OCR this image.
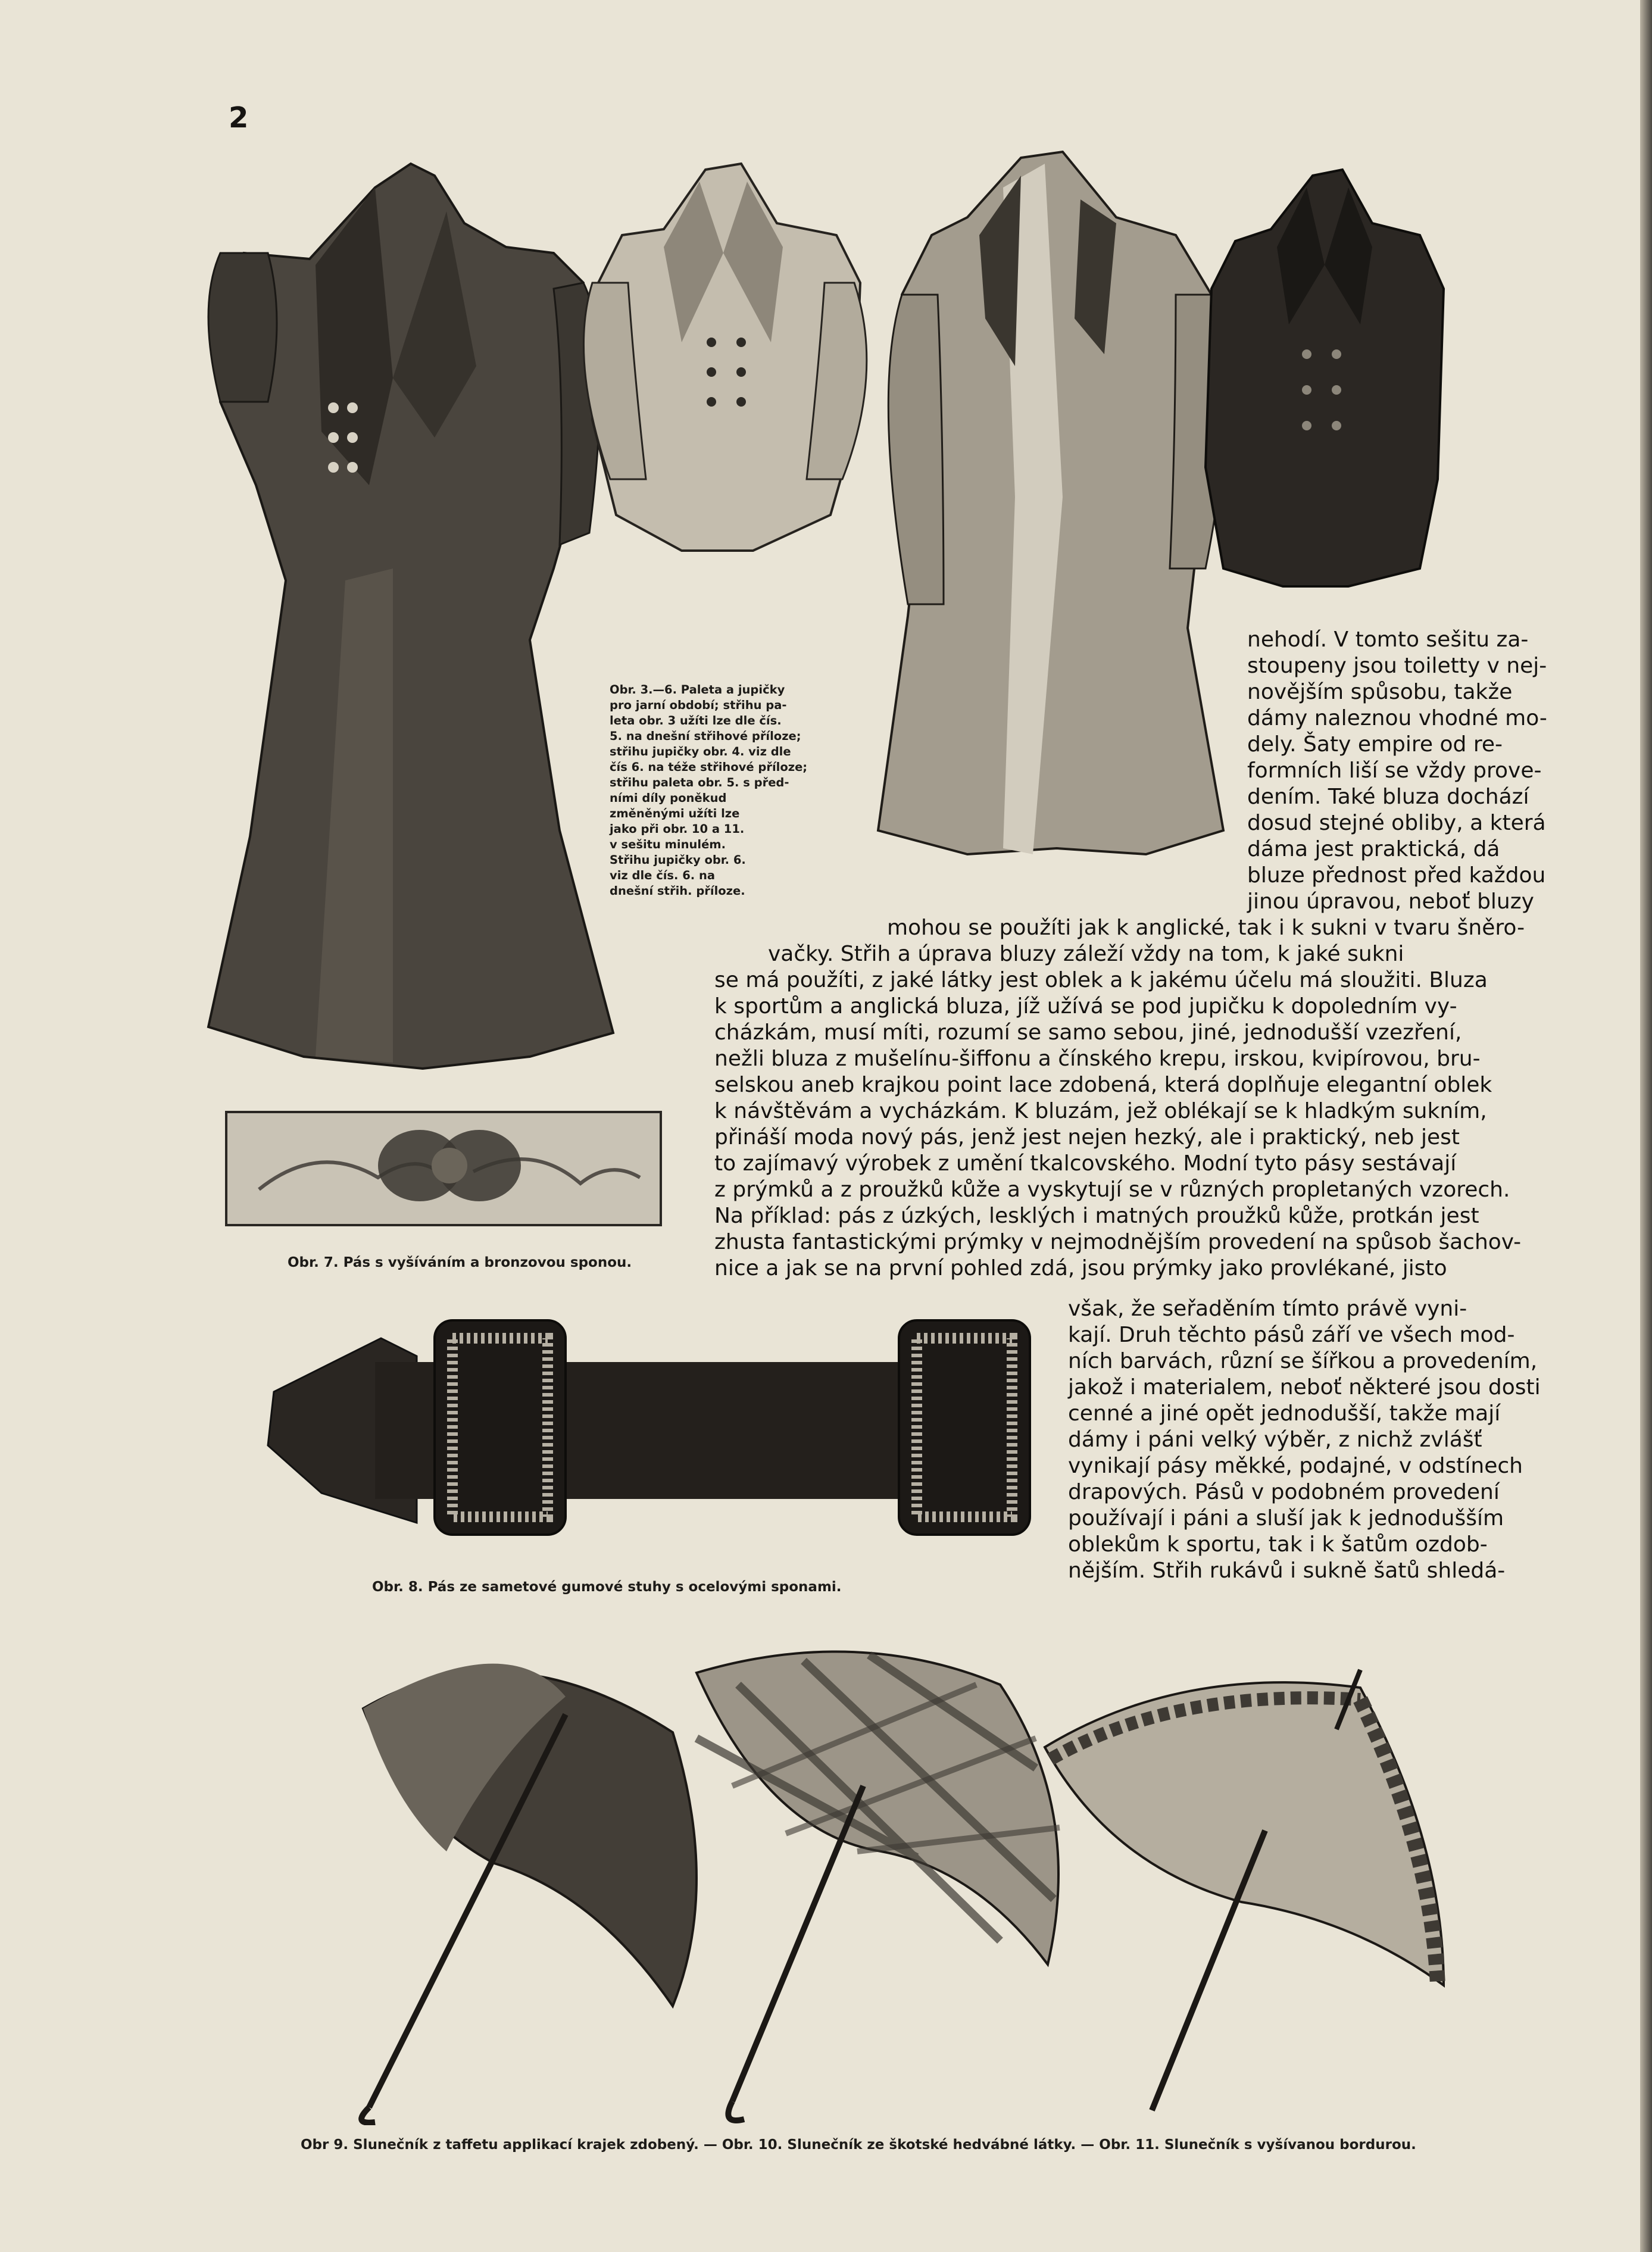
2
Obr. 3.—6. Paleta a jupičky
pro jarní období; střihu pa-
leta obr. 3 užíti lze dle čís.
5. na dnešní střihové příloze;
střihu jupičky obr. 4. viz dle
čís 6. na téže střihové příloze;
střihu paleta obr. 5. s před-
ními díly poněkud
změněnými užíti lze
jako při obr. 10 a 11.
v sešitu minulém.
Střihu jupičky obr. 6.
viz dle čís. 6. na
dnešní střih. příloze.
nehodí. V tomto sešitu za-
stoupeny jsou toiletty v nej-
novějším spůsobu, takže
dámy naleznou vhodné mo-
dely. Šaty empire od re-
formních liší se vždy prove-
dením. Také bluza dochází
dosud stejné obliby, a která
dáma jest praktická, dá
bluze přednost před každou
jinou úpravou, neboť bluzy
mohou se použíti jak k anglické, tak i k sukni v tvaru šněro-
vačky. Střih a úprava bluzy záleží vždy na tom, k jaké sukni
se má použíti, z jaké látky jest oblek a k jakému účelu má sloužiti. Bluza
k sportům a anglická bluza, jíž užívá se pod jupičku k dopoledním vy-
cházkám, musí míti, rozumí se samo sebou, jiné, jednodušší vzezření,
nežli bluza z mušelínu-šiffonu a čínského krepu, irskou, kvipírovou, bru-
selskou aneb krajkou point lace zdobená, která doplňuje elegantní oblek
k návštěvám a vycházkám. K bluzám, jež oblékají se k hladkým sukním,
přináší moda nový pás, jenž jest nejen hezký, ale i praktický, neb jest
to zajímavý výrobek z umění tkalcovského. Modní tyto pásy sestávají
z prýmků a z proužků kůže a vyskytují se v různých propletaných vzorech.
Na příklad: pás z úzkých, lesklých i matných proužků kůže, protkán jest
zhusta fantastickými prýmky v nejmodnějším provedení na spůsob šachov-
nice a jak se na první pohled zdá, jsou prýmky jako provlékané, jisto
však, že seřaděním tímto právě vyni-
kají. Druh těchto pásů září ve všech mod-
ních barvách, různí se šířkou a provedením,
jakož i materialem, neboť některé jsou dosti
cenné a jiné opět jednodušší, takže mají
dámy i páni velký výběr, z nichž zvlášť
vynikají pásy měkké, podajné, v odstínech
drapových. Pásů v podobném provedení
používají i páni a sluší jak k jednodušším
oblekům k sportu, tak i k šatům ozdob-
nějším. Střih rukávů i sukně šatů shledá-
Obr. 7. Pás s vyšíváním a bronzovou sponou.
Obr. 8. Pás ze sametové gumové stuhy s ocelovými sponami.
Obr 9. Slunečník z taffetu applikací krajek zdobený. — Obr. 10. Slunečník ze škotské hedvábné látky. — Obr. 11. Slunečník s vyšívanou bordurou.
